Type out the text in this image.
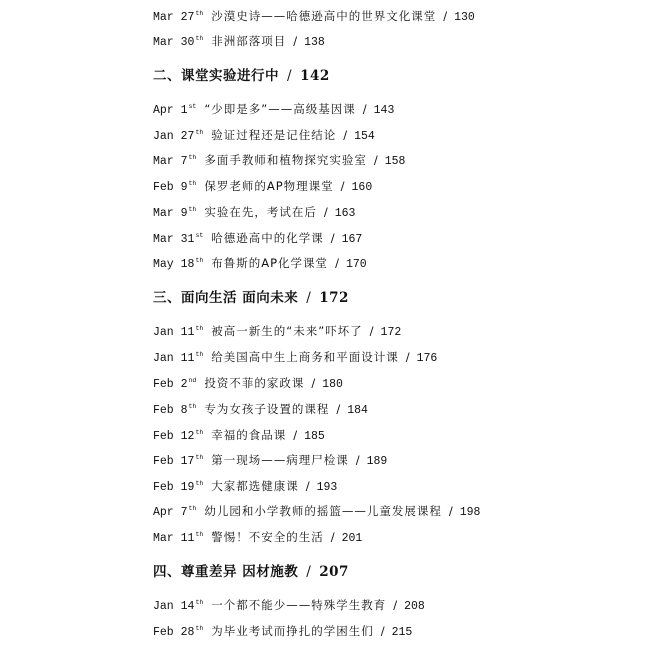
Mar 27th 沙漠史诗——哈德逊高中的世界文化课堂 / 130
Mar 30th 非洲部落项目 / 138
二、课堂实验进行中 / 142
Apr 1st “少即是多”——高级基因课 / 143
Jan 27th 验证过程还是记住结论 / 154
Mar 7th 多面手教师和植物探究实验室 / 158
Feb 9th 保罗老师的AP物理课堂 / 160
Mar 9th 实验在先，考试在后 / 163
Mar 31st 哈德逊高中的化学课 / 167
May 18th 布鲁斯的AP化学课堂 / 170
三、面向生活 面向未来 / 172
Jan 11th 被高一新生的“未来”吓坏了 / 172
Jan 11th 给美国高中生上商务和平面设计课 / 176
Feb 2nd 投资不菲的家政课 / 180
Feb 8th 专为女孩子设置的课程 / 184
Feb 12th 幸福的食品课 / 185
Feb 17th 第一现场——病理尸检课 / 189
Feb 19th 大家都选健康课 / 193
Apr 7th 幼儿园和小学教师的摇篮——儿童发展课程 / 198
Mar 11th 警惕！不安全的生活 / 201
四、尊重差异 因材施教 / 207
Jan 14th 一个都不能少——特殊学生教育 / 208
Feb 28th 为毕业考试而挣扎的学困生们 / 215
